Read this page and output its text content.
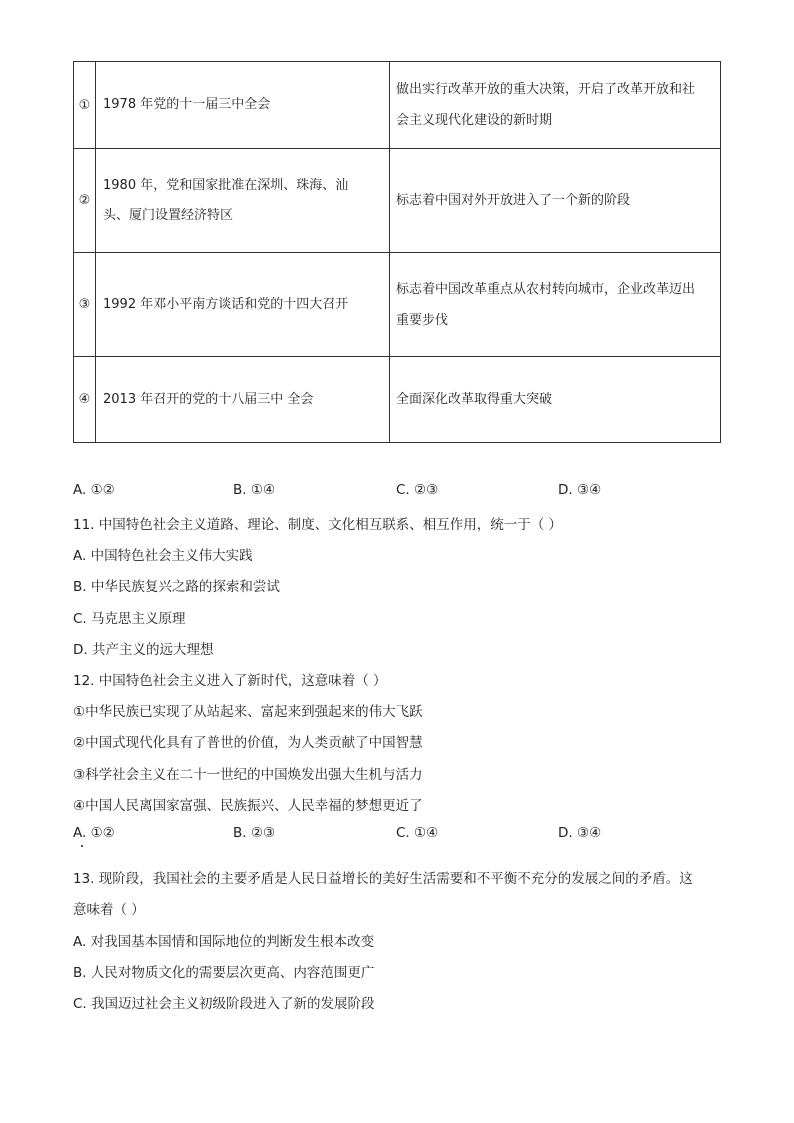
①	1978 年党的十一届三中全会	做出实行改革开放的重大决策，开启了改革开放和社
会主义现代化建设的新时期

②	1980 年，党和国家批准在深圳、珠海、汕
头、厦门设置经济特区	标志着中国对外开放进入了一个新的阶段
③	1992 年邓小平南方谈话和党的十四大召开	标志着中国改革重点从农村转向城市，企业改革迈出
重要步伐

④	2013 年召开的党的十八届三中 全会	全面深化改革取得重大突破
A. ①②	B. ①④	C. ②③	D. ③④
11. 中国特色社会主义道路、理论、制度、文化相互联系、相互作用，统一于（ ）
A. 中国特色社会主义伟大实践
B. 中华民族复兴之路的探索和尝试
C. 马克思主义原理
D. 共产主义的远大理想
12. 中国特色社会主义进入了新时代，这意味着（ ）
①中华民族已实现了从站起来、富起来到强起来的伟大飞跃
②中国式现代化具有了普世的价值，为人类贡献了中国智慧
③科学社会主义在二十一世纪的中国焕发出强大生机与活力
④中国人民离国家富强、民族振兴、人民幸福的梦想更近了
A. ①②	B. ②③	C. ①④	D. ③④
13. 现阶段，我国社会的主要矛盾是人民日益增长的美好生活需要和不平衡不充分的发展之间的矛盾。这
意味着（ ）
A. 对我国基本国情和国际地位的判断发生根本改变
B. 人民对物质文化的需要层次更高、内容范围更广
C. 我国迈过社会主义初级阶段进入了新的发展阶段
